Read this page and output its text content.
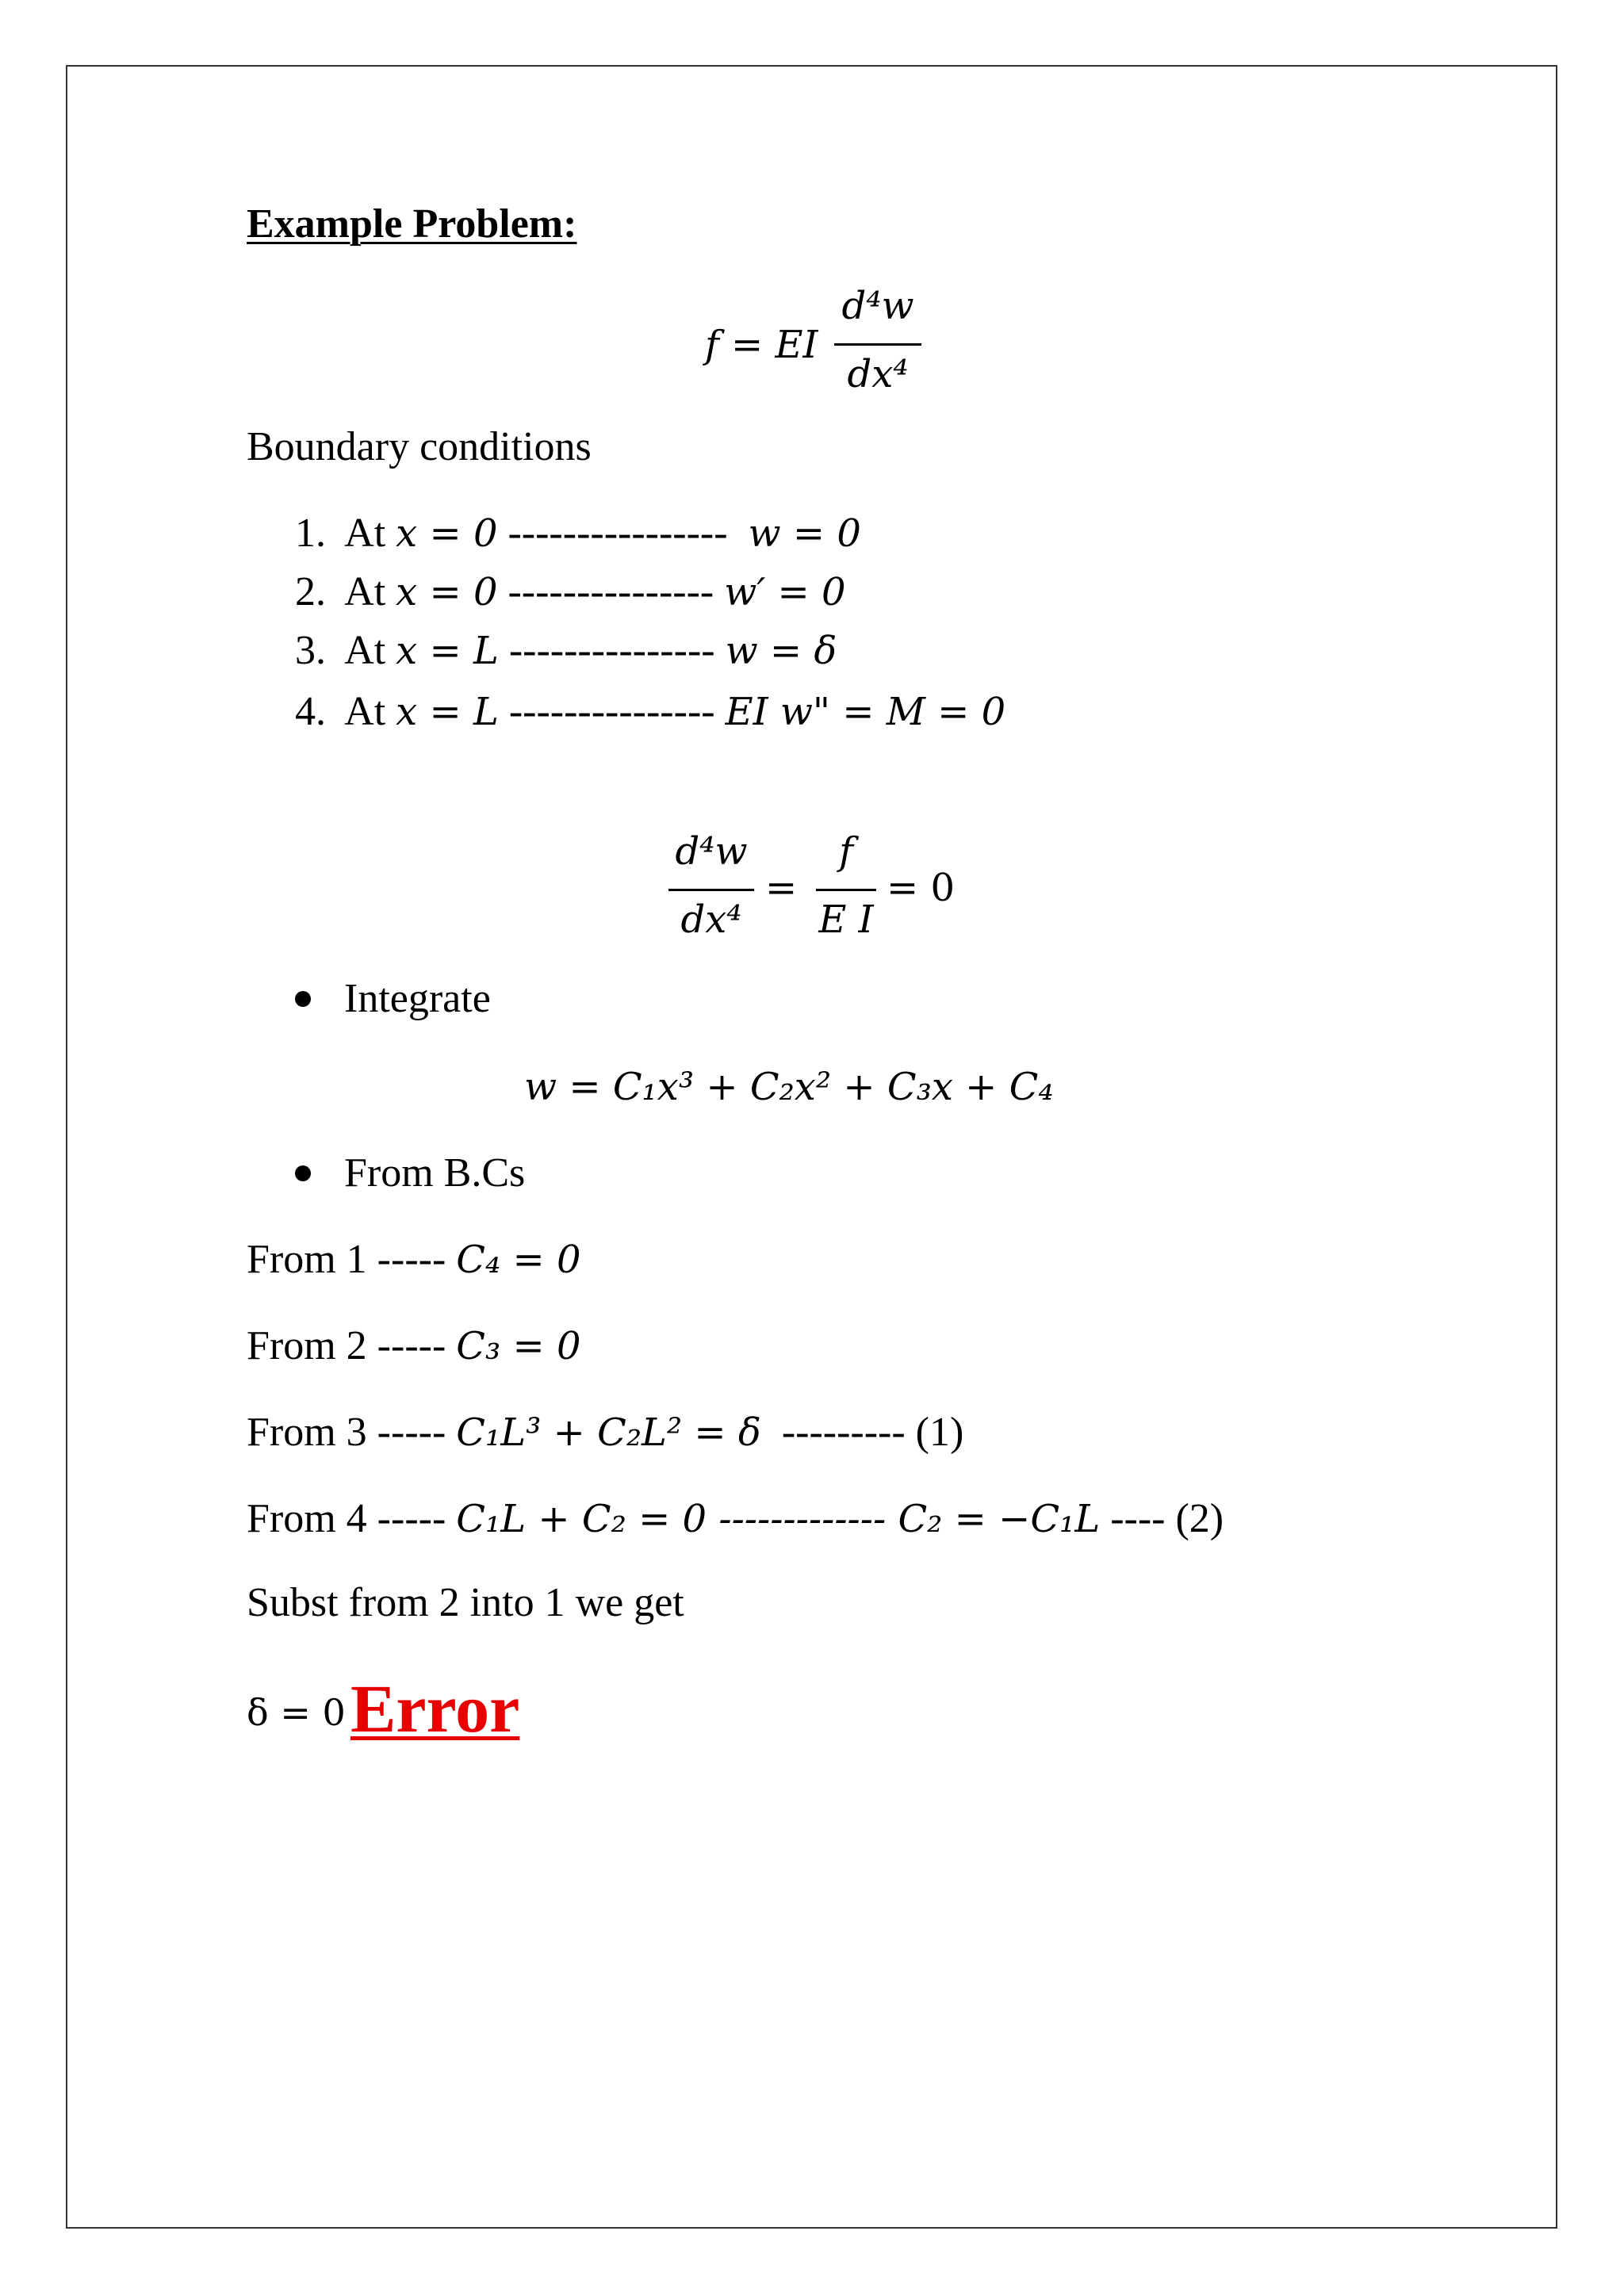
Example Problem:
f = EI
d⁴w
dx⁴
Boundary conditions
1. At x = 0 ---------------- w = 0
2. At x = 0 --------------- w′ = 0
3. At x = L --------------- w = δ
4. At x = L --------------- EI w" = M = 0
d⁴w
dx⁴
=
f
E I
= 0
Integrate
w = C₁x³ + C₂x² + C₃x + C₄
From B.Cs
From 1 ----- C₄ = 0
From 2 ----- C₃ = 0
From 3 ----- C₁L³ + C₂L² = δ --------- (1)
From 4 ----- C₁L + C₂ = 0 ------------- C₂ = −C₁L ---- (2)
Subst from 2 into 1 we get
δ = 0 Error
